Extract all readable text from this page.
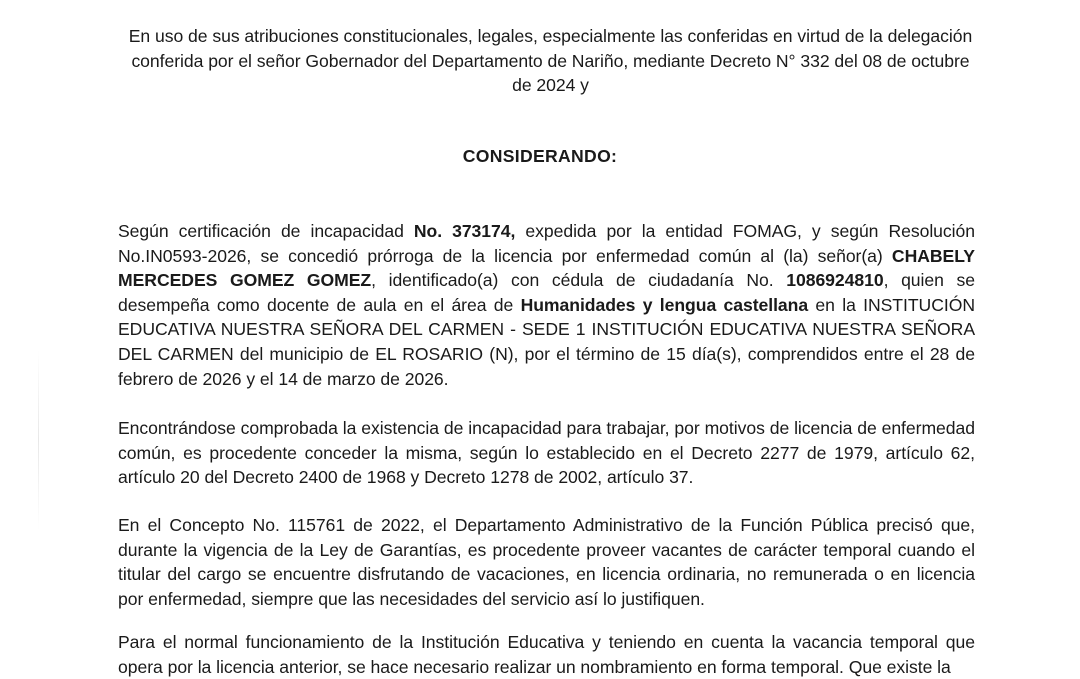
En uso de sus atribuciones constitucionales, legales, especialmente las conferidas en virtud de la delegación conferida por el señor Gobernador del Departamento de Nariño, mediante Decreto N° 332 del 08 de octubre de 2024 y
CONSIDERANDO:
Según certificación de incapacidad No. 373174, expedida por la entidad FOMAG, y según Resolución No.IN0593-2026, se concedió prórroga de la licencia por enfermedad común al (la) señor(a) CHABELY MERCEDES GOMEZ GOMEZ, identificado(a) con cédula de ciudadanía No. 1086924810, quien se desempeña como docente de aula en el área de Humanidades y lengua castellana en la INSTITUCIÓN EDUCATIVA NUESTRA SEÑORA DEL CARMEN - SEDE 1 INSTITUCIÓN EDUCATIVA NUESTRA SEÑORA DEL CARMEN del municipio de EL ROSARIO (N), por el término de 15 día(s), comprendidos entre el 28 de febrero de 2026 y el 14 de marzo de 2026.
Encontrándose comprobada la existencia de incapacidad para trabajar, por motivos de licencia de enfermedad común, es procedente conceder la misma, según lo establecido en el Decreto 2277 de 1979, artículo 62, artículo 20 del Decreto 2400 de 1968 y Decreto 1278 de 2002, artículo 37.
En el Concepto No. 115761 de 2022, el Departamento Administrativo de la Función Pública precisó que, durante la vigencia de la Ley de Garantías, es procedente proveer vacantes de carácter temporal cuando el titular del cargo se encuentre disfrutando de vacaciones, en licencia ordinaria, no remunerada o en licencia por enfermedad, siempre que las necesidades del servicio así lo justifiquen.
Para el normal funcionamiento de la Institución Educativa y teniendo en cuenta la vacancia temporal que opera por la licencia anterior, se hace necesario realizar un nombramiento en forma temporal. Que existe la
